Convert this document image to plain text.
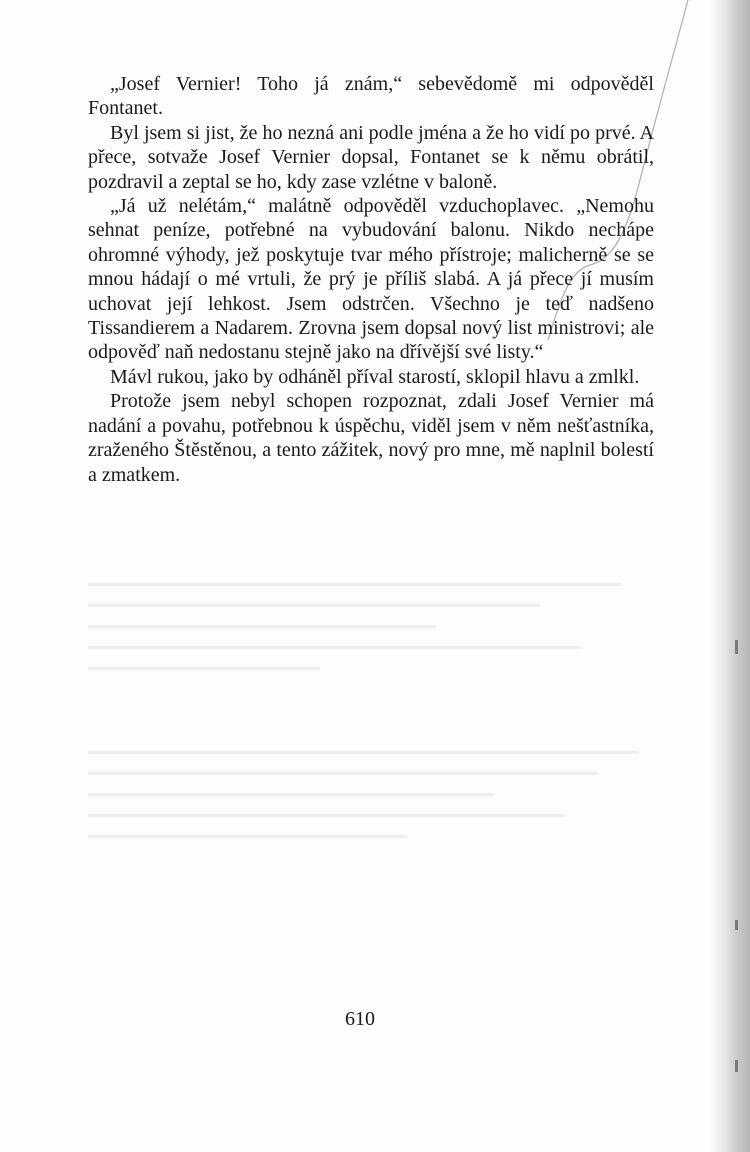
„Josef Vernier! Toho já znám,“ sebevědomě mi odpověděl Fontanet.

Byl jsem si jist, že ho nezná ani podle jména a že ho vidí po prvé. A přece, sotvaže Josef Vernier dopsal, Fontanet se k němu obrátil, pozdravil a zeptal se ho, kdy zase vzlétne v baloně.

„Já už nelétám,“ malátně odpověděl vzduchoplavec. „Nemohu sehnat peníze, potřebné na vybudování balonu. Nikdo nechápe ohromné výhody, jež poskytuje tvar mého přístroje; malicherně se se mnou hádají o mé vrtuli, že prý je příliš slabá. A já přece jí musím uchovat její lehkost. Jsem odstrčen. Všechno je teď nadšeno Tissandierem a Nadarem. Zrovna jsem dopsal nový list ministrovi; ale odpověď naň nedostanu stejně jako na dřívější své listy.“

Mávl rukou, jako by odháněl příval starostí, sklopil hlavu a zmlkl.

Protože jsem nebyl schopen rozpoznat, zdali Josef Vernier má nadání a povahu, potřebnou k úspěchu, viděl jsem v něm nešťastníka, zraženého Štěstěnou, a tento zážitek, nový pro mne, mě naplnil bolestí a zmatkem.

610
